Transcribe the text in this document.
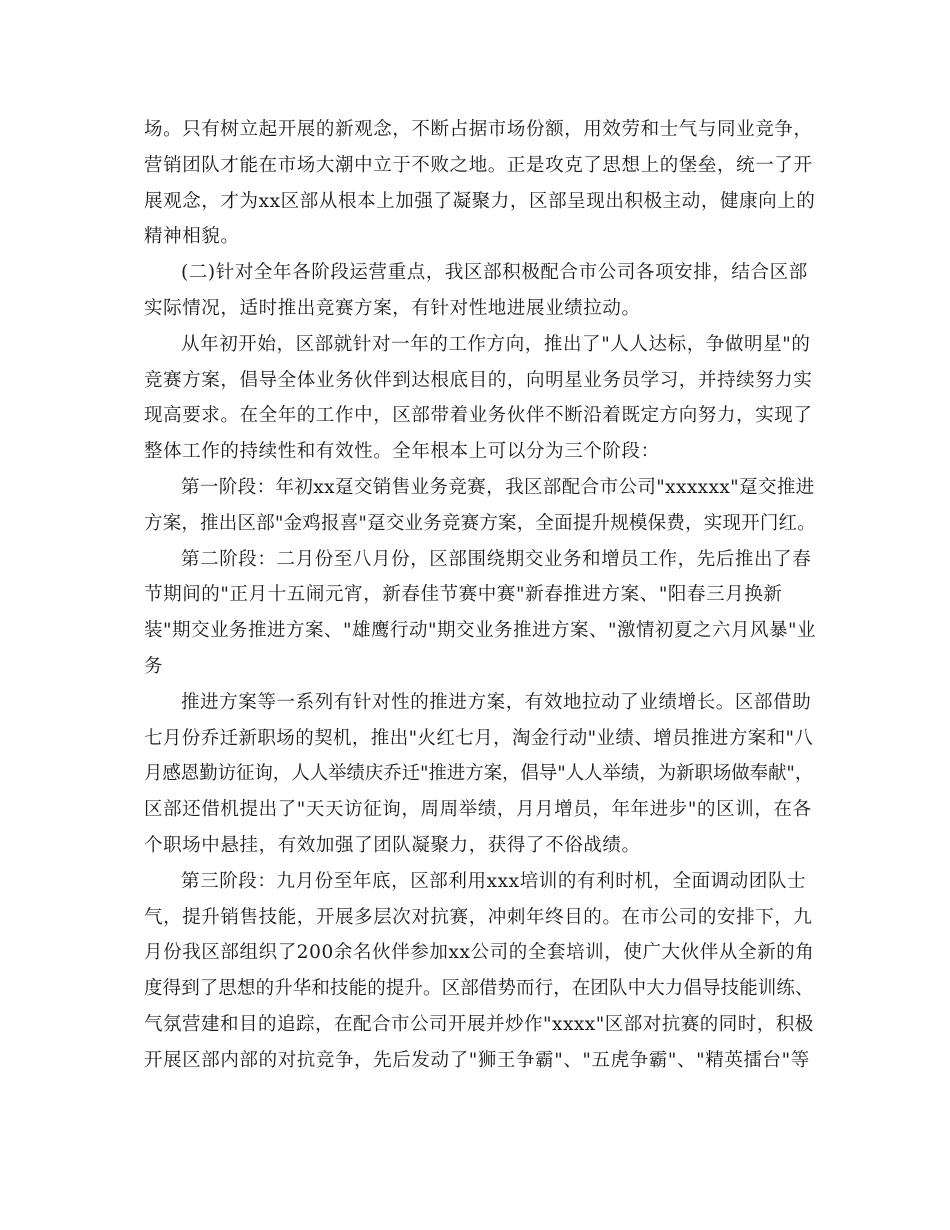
场。只有树立起开展的新观念，不断占据市场份额，用效劳和士气与同业竞争，
营销团队才能在市场大潮中立于不败之地。正是攻克了思想上的堡垒，统一了开
展观念，才为xx区部从根本上加强了凝聚力，区部呈现出积极主动，健康向上的
精神相貌。
(二)针对全年各阶段运营重点，我区部积极配合市公司各项安排，结合区部
实际情况，适时推出竞赛方案，有针对性地进展业绩拉动。
从年初开始，区部就针对一年的工作方向，推出了"人人达标，争做明星"的
竞赛方案，倡导全体业务伙伴到达根底目的，向明星业务员学习，并持续努力实
现高要求。在全年的工作中，区部带着业务伙伴不断沿着既定方向努力，实现了
整体工作的持续性和有效性。全年根本上可以分为三个阶段：
第一阶段：年初xx趸交销售业务竞赛，我区部配合市公司"xxxxxx"趸交推进
方案，推出区部"金鸡报喜"趸交业务竞赛方案，全面提升规模保费，实现开门红。
第二阶段：二月份至八月份，区部围绕期交业务和增员工作，先后推出了春
节期间的"正月十五闹元宵，新春佳节赛中赛"新春推进方案、"阳春三月换新
装"期交业务推进方案、"雄鹰行动"期交业务推进方案、"激情初夏之六月风暴"业
务
推进方案等一系列有针对性的推进方案，有效地拉动了业绩增长。区部借助
七月份乔迁新职场的契机，推出"火红七月，淘金行动"业绩、增员推进方案和"八
月感恩勤访征询，人人举绩庆乔迁"推进方案，倡导"人人举绩，为新职场做奉献"，
区部还借机提出了"天天访征询，周周举绩，月月增员，年年进步"的区训，在各
个职场中悬挂，有效加强了团队凝聚力，获得了不俗战绩。
第三阶段：九月份至年底，区部利用xxx培训的有利时机，全面调动团队士
气，提升销售技能，开展多层次对抗赛，冲刺年终目的。在市公司的安排下，九
月份我区部组织了200余名伙伴参加xx公司的全套培训，使广大伙伴从全新的角
度得到了思想的升华和技能的提升。区部借势而行，在团队中大力倡导技能训练、
气氛营建和目的追踪，在配合市公司开展并炒作"xxxx"区部对抗赛的同时，积极
开展区部内部的对抗竞争，先后发动了"狮王争霸"、"五虎争霸"、"精英擂台"等
